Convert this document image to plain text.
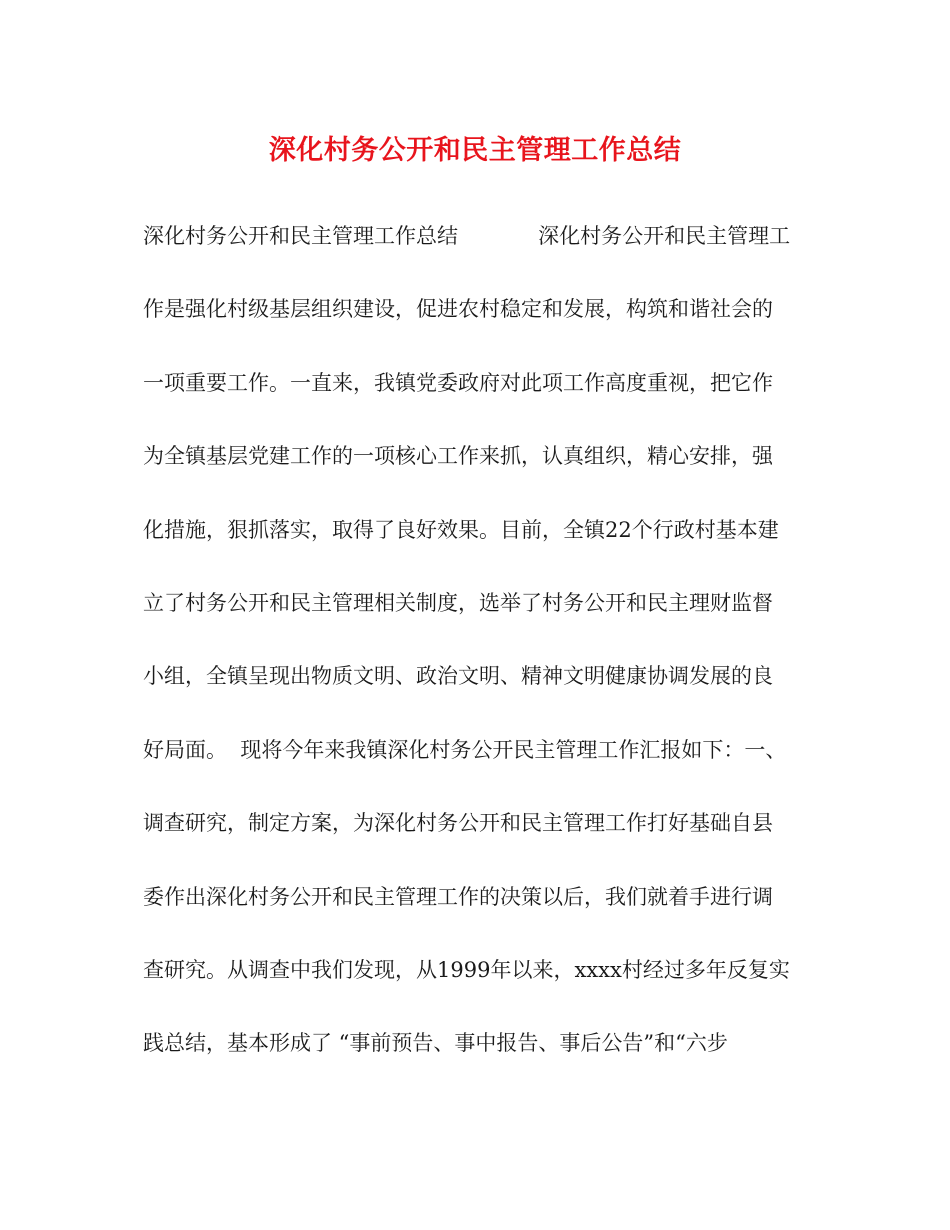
深化村务公开和民主管理工作总结
深化村务公开和民主管理工作总结            深化村务公开和民主管理工
作是强化村级基层组织建设，促进农村稳定和发展，构筑和谐社会的
一项重要工作。一直来，我镇党委政府对此项工作高度重视，把它作
为全镇基层党建工作的一项核心工作来抓，认真组织，精心安排，强
化措施，狠抓落实，取得了良好效果。目前，全镇22个行政村基本建
立了村务公开和民主管理相关制度，选举了村务公开和民主理财监督
小组，全镇呈现出物质文明、政治文明、精神文明健康协调发展的良
好局面。  现将今年来我镇深化村务公开民主管理工作汇报如下：一、
调查研究，制定方案，为深化村务公开和民主管理工作打好基础自县
委作出深化村务公开和民主管理工作的决策以后，我们就着手进行调
查研究。从调查中我们发现，从1999年以来，xxxx村经过多年反复实
践总结，基本形成了 “事前预告、事中报告、事后公告”和“六步
